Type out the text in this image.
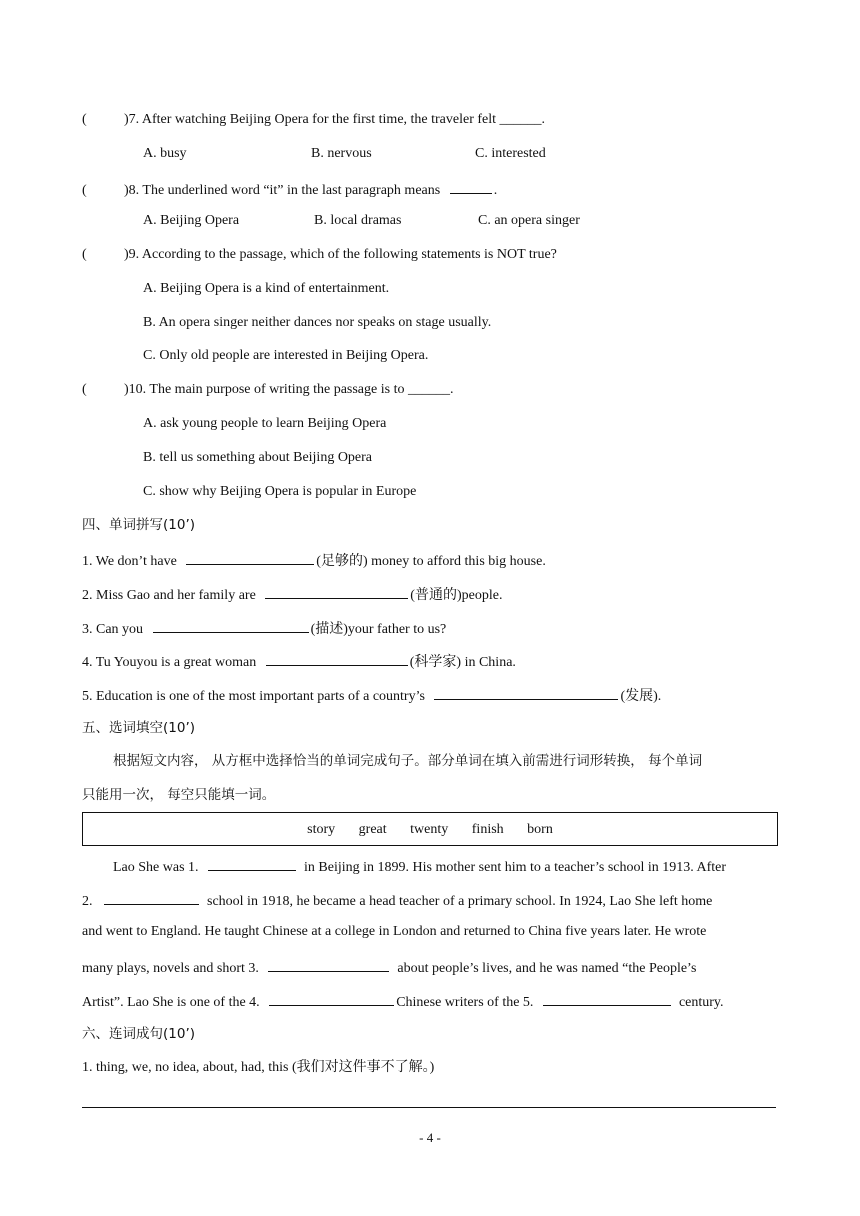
(	)7. After watching Beijing Opera for the first time, the traveler felt ______.
A. busy	B. nervous	C. interested
(	)8. The underlined word “it” in the last paragraph means	.
A. Beijing Opera	B. local dramas	C. an opera singer
(	)9. According to the passage, which of the following statements is NOT true?
A. Beijing Opera is a kind of entertainment.
B. An opera singer neither dances nor speaks on stage usually.
C. Only old people are interested in Beijing Opera.
(	)10. The main purpose of writing the passage is to ______.
A. ask young people to learn Beijing Opera
B. tell us something about Beijing Opera
C. show why Beijing Opera is popular in Europe
四、单词拼写(10’)
1. We don’t have	(足够的) money to afford this big house.
2. Miss Gao and her family are	(普通的)people.
3. Can you	(描述)your father to us?
4. Tu Youyou is a great woman	(科学家) in China.
5. Education is one of the most important parts of a country’s	(发展).
五、选词填空(10’)
根据短文内容， 从方框中选择恰当的单词完成句子。部分单词在填入前需进行词形转换， 每个单词
只能用一次， 每空只能填一词。
story great twenty finish born
Lao She was 1.	in Beijing in 1899. His mother sent him to a teacher’s school in 1913. After
2.	school in 1918, he became a head teacher of a primary school. In 1924, Lao She left home
and went to England. He taught Chinese at a college in London and returned to China five years later. He wrote
many plays, novels and short 3.	about people’s lives, and he was named “the People’s
Artist”. Lao She is one of the 4.	Chinese writers of the 5.	century.
六、连词成句(10’)
1. thing, we, no idea, about, had, this (我们对这件事不了解。)
- 4 -
